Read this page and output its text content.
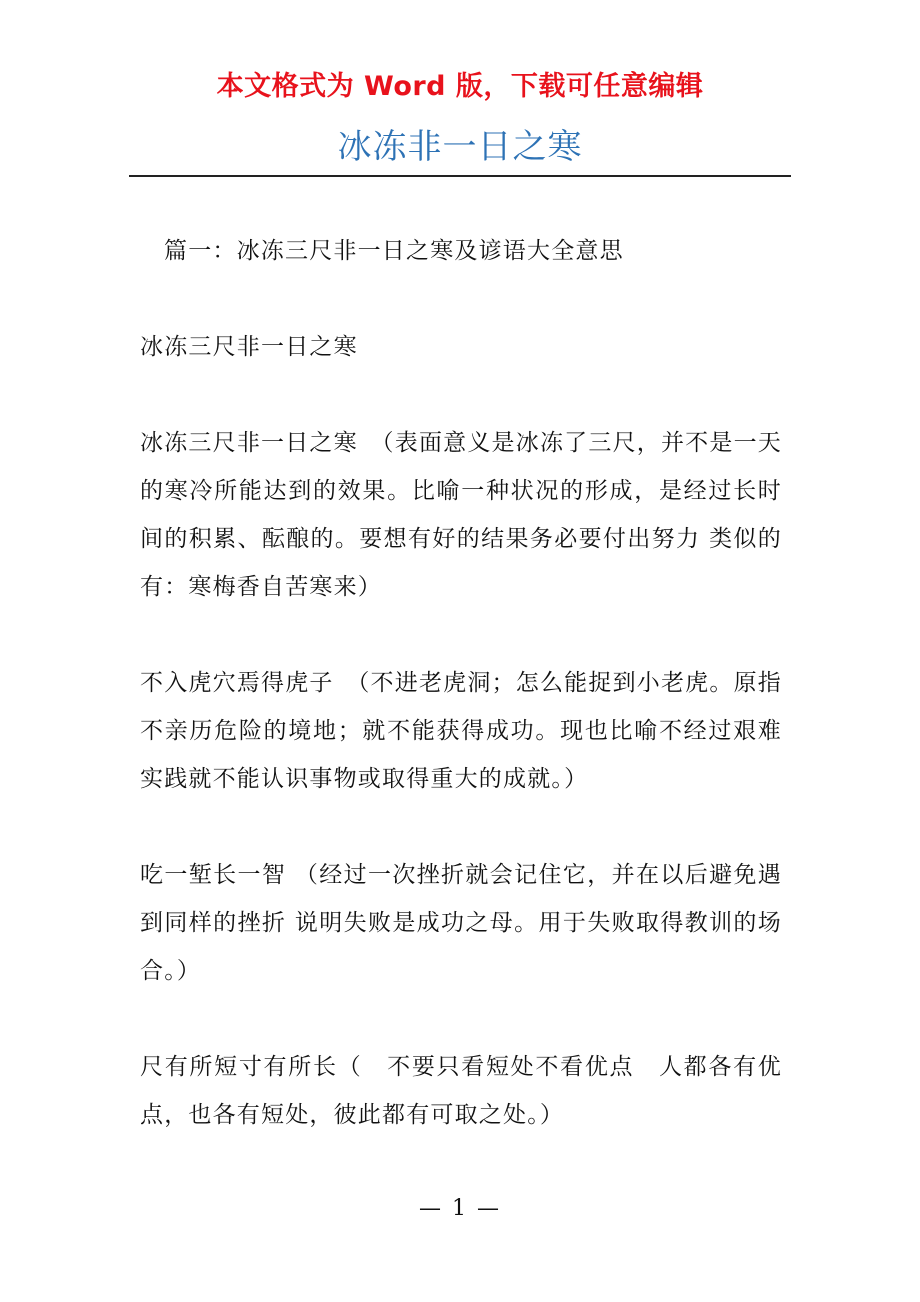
本文格式为 Word 版，下载可任意编辑
冰冻非一日之寒

篇一：冰冻三尺非一日之寒及谚语大全意思

冰冻三尺非一日之寒

冰冻三尺非一日之寒　（表面意义是冰冻了三尺，并不是一天的寒冷所能达到的效果。比喻一种状况的形成，是经过长时间的积累、酝酿的。要想有好的结果务必要付出努力 类似的有：寒梅香自苦寒来）

不入虎穴焉得虎子　（不进老虎洞；怎么能捉到小老虎。原指不亲历危险的境地；就不能获得成功。现也比喻不经过艰难实践就不能认识事物或取得重大的成就。）

吃一堑长一智 （经过一次挫折就会记住它，并在以后避免遇到同样的挫折 说明失败是成功之母。用于失败取得教训的场合。）

尺有所短寸有所长（　不要只看短处不看优点　人都各有优点，也各有短处，彼此都有可取之处。）

— 1 —
